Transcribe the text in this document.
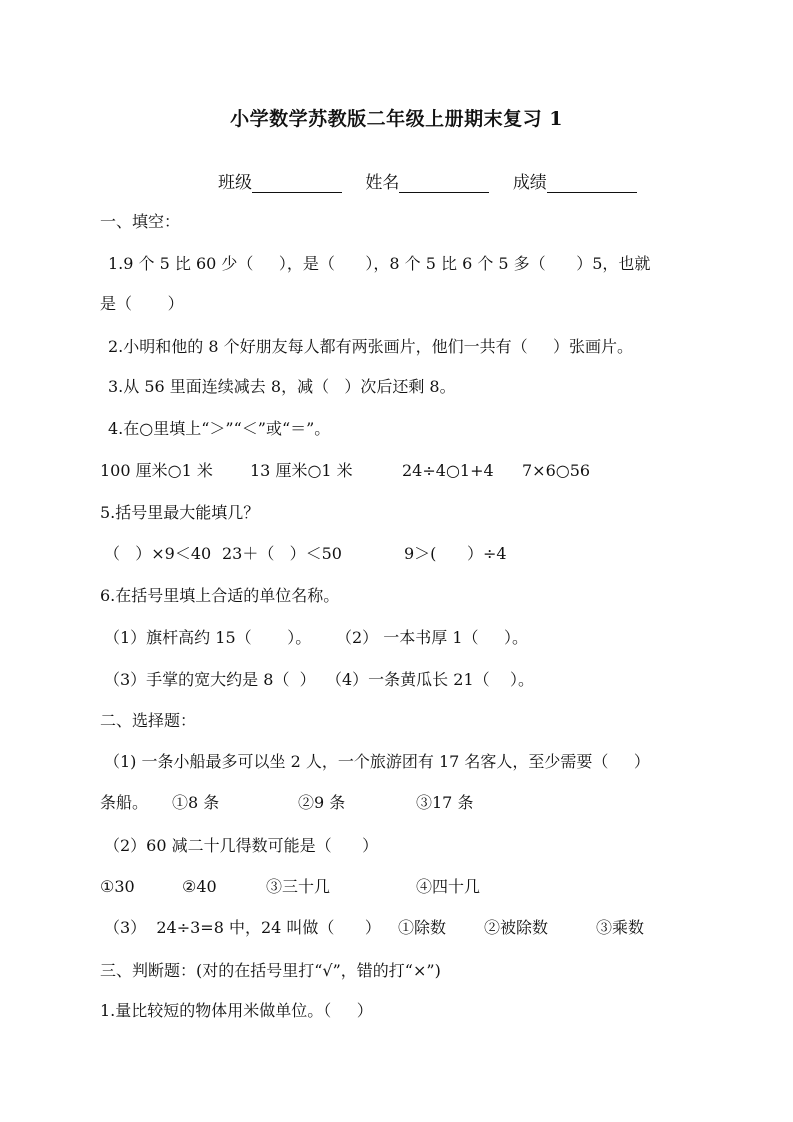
小学数学苏教版二年级上册期末复习 1
班级	姓名	成绩
一、填空：
1.9 个 5 比 60 少（     ），是（      ），8 个 5 比 6 个 5 多（      ）5，也就
是（       ）
2.小明和他的 8 个好朋友每人都有两张画片，他们一共有（     ）张画片。
3.从 56 里面连续减去 8，减（   ）次后还剩 8。
4.在○里填上“＞”“＜”或“＝”。
100 厘米○1 米 13 厘米○1 米	24÷4○1+4 7×6○56
5.括号里最大能填几？
（   ）×9＜40 23＋（   ）＜50	9＞(      ）÷4
6.在括号里填上合适的单位名称。
（1）旗杆高约 15（       ）。 （2） 一本书厚 1（     ）。
（3）手掌的宽大约是 8（  ） （4）一条黄瓜长 21（    ）。
二、选择题：
（1) 一条小船最多可以坐 2 人，一个旅游团有 17 名客人，至少需要（     ）
条船。 ①8 条	②9 条	③17 条
（2）60 减二十几得数可能是（      ）
①30	②40	③三十几	④四十几
（3）  24÷3=8 中，24 叫做（      ） ①除数 ②被除数	③乘数
三、判断题：(对的在括号里打“√”，错的打“×”)
1.量比较短的物体用米做单位。（     ）
